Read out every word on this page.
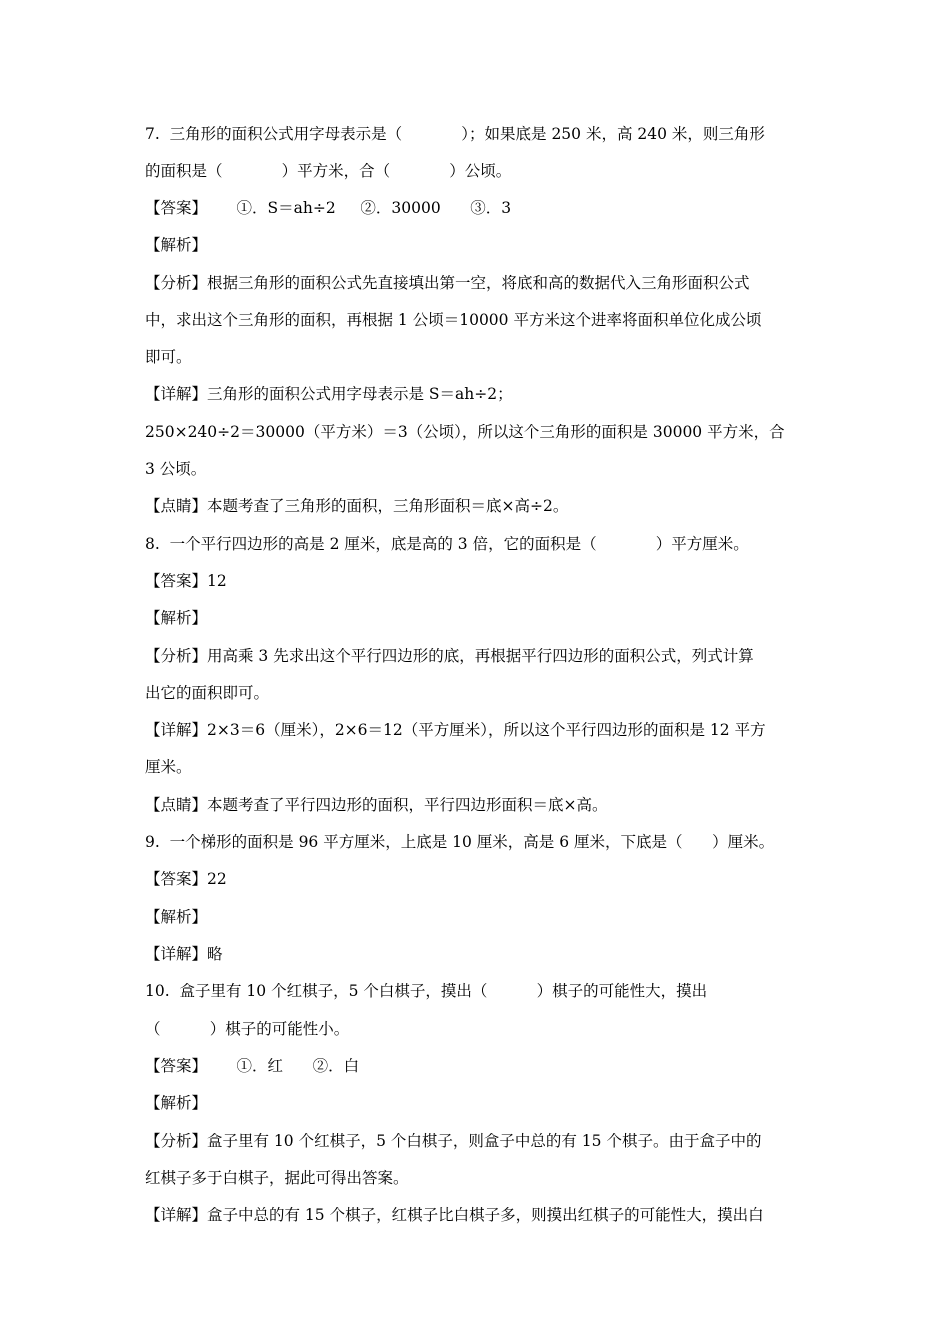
7.  三角形的面积公式用字母表示是（            ）；如果底是 250 米，高 240 米，则三角形
的面积是（            ）平方米，合（            ）公顷。
【答案】      ①．S＝ah÷2     ②．30000      ③．3
【解析】
【分析】根据三角形的面积公式先直接填出第一空，将底和高的数据代入三角形面积公式
中，求出这个三角形的面积，再根据 1 公顷＝10000 平方米这个进率将面积单位化成公顷
即可。
【详解】三角形的面积公式用字母表示是 S＝ah÷2；
250×240÷2＝30000（平方米）＝3（公顷），所以这个三角形的面积是 30000 平方米，合
3 公顷。
【点睛】本题考查了三角形的面积，三角形面积＝底×高÷2。
8.  一个平行四边形的高是 2 厘米，底是高的 3 倍，它的面积是（            ）平方厘米。
【答案】12
【解析】
【分析】用高乘 3 先求出这个平行四边形的底，再根据平行四边形的面积公式，列式计算
出它的面积即可。
【详解】2×3＝6（厘米），2×6＝12（平方厘米），所以这个平行四边形的面积是 12 平方
厘米。
【点睛】本题考查了平行四边形的面积，平行四边形面积＝底×高。
9.  一个梯形的面积是 96 平方厘米，上底是 10 厘米，高是 6 厘米，下底是（      ）厘米。
【答案】22
【解析】
【详解】略
10.  盒子里有 10 个红棋子，5 个白棋子，摸出（          ）棋子的可能性大，摸出
（          ）棋子的可能性小。
【答案】      ①．红      ②．白
【解析】
【分析】盒子里有 10 个红棋子，5 个白棋子，则盒子中总的有 15 个棋子。由于盒子中的
红棋子多于白棋子，据此可得出答案。
【详解】盒子中总的有 15 个棋子，红棋子比白棋子多，则摸出红棋子的可能性大，摸出白
